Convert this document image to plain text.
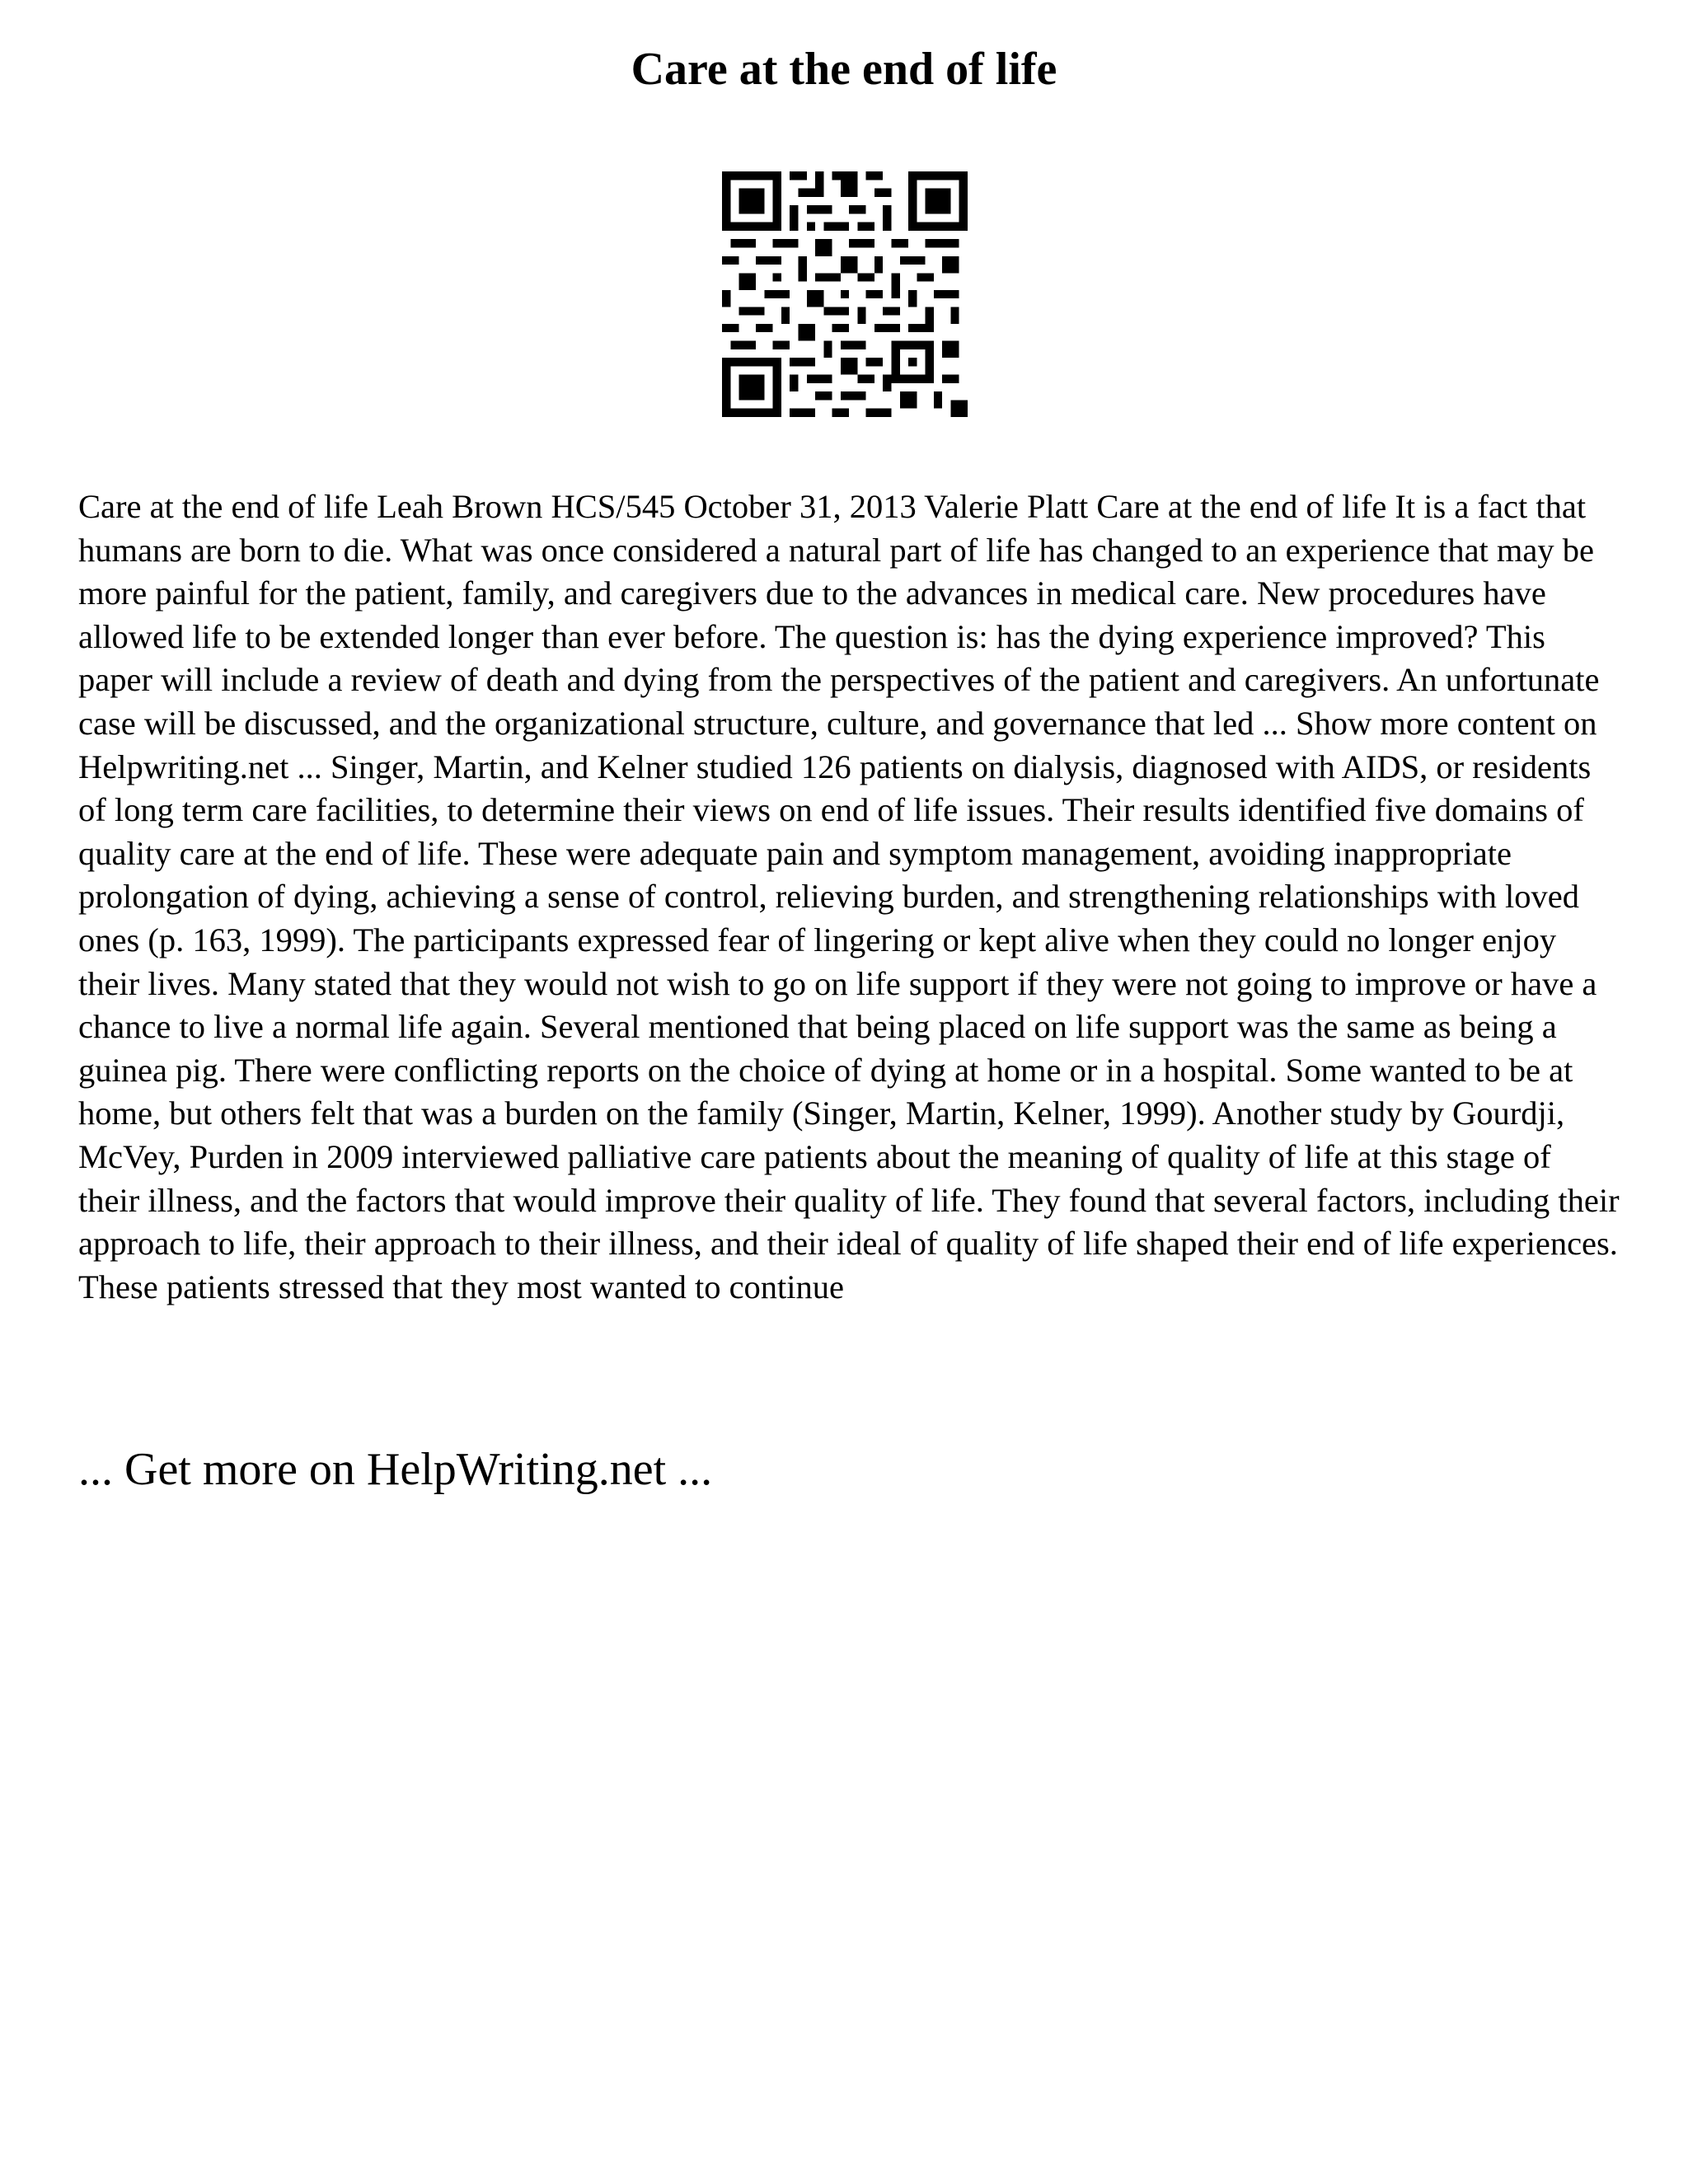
Care at the end of life

Care at the end of life Leah Brown HCS/545 October 31, 2013 Valerie Platt Care at the end of life It is a fact that humans are born to die. What was once considered a natural part of life has changed to an experience that may be more painful for the patient, family, and caregivers due to the advances in medical care. New procedures have allowed life to be extended longer than ever before. The question is: has the dying experience improved? This paper will include a review of death and dying from the perspectives of the patient and caregivers. An unfortunate case will be discussed, and the organizational structure, culture, and governance that led ... Show more content on Helpwriting.net ... Singer, Martin, and Kelner studied 126 patients on dialysis, diagnosed with AIDS, or residents of long term care facilities, to determine their views on end of life issues. Their results identified five domains of quality care at the end of life. These were adequate pain and symptom management, avoiding inappropriate prolongation of dying, achieving a sense of control, relieving burden, and strengthening relationships with loved ones (p. 163, 1999). The participants expressed fear of lingering or kept alive when they could no longer enjoy their lives. Many stated that they would not wish to go on life support if they were not going to improve or have a chance to live a normal life again. Several mentioned that being placed on life support was the same as being a guinea pig. There were conflicting reports on the choice of dying at home or in a hospital. Some wanted to be at home, but others felt that was a burden on the family (Singer, Martin, Kelner, 1999). Another study by Gourdji, McVey, Purden in 2009 interviewed palliative care patients about the meaning of quality of life at this stage of their illness, and the factors that would improve their quality of life. They found that several factors, including their approach to life, their approach to their illness, and their ideal of quality of life shaped their end of life experiences. These patients stressed that they most wanted to continue

... Get more on HelpWriting.net ...
